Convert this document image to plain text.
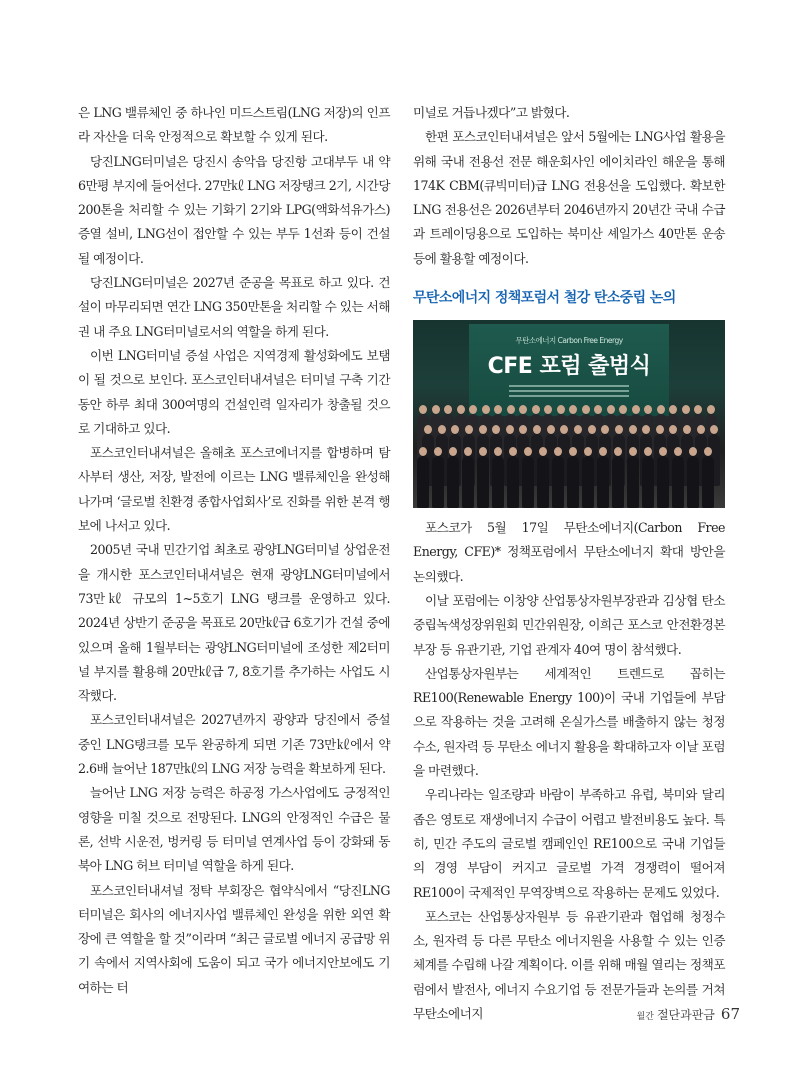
은 LNG 밸류체인 중 하나인 미드스트림(LNG 저장)의 인프라 자산을 더욱 안정적으로 확보할 수 있게 된다.

당진LNG터미널은 당진시 송악읍 당진항 고대부두 내 약 6만평 부지에 들어선다. 27만㎘ LNG 저장탱크 2기, 시간당 200톤을 처리할 수 있는 기화기 2기와 LPG(액화석유가스) 증열 설비, LNG선이 접안할 수 있는 부두 1선좌 등이 건설될 예정이다.

당진LNG터미널은 2027년 준공을 목표로 하고 있다. 건설이 마무리되면 연간 LNG 350만톤을 처리할 수 있는 서해권 내 주요 LNG터미널로서의 역할을 하게 된다.

이번 LNG터미널 증설 사업은 지역경제 활성화에도 보탬이 될 것으로 보인다. 포스코인터내셔널은 터미널 구축 기간 동안 하루 최대 300여명의 건설인력 일자리가 창출될 것으로 기대하고 있다.

포스코인터내셔널은 올해초 포스코에너지를 합병하며 탐사부터 생산, 저장, 발전에 이르는 LNG 밸류체인을 완성해 나가며 ‘글로벌 친환경 종합사업회사’로 진화를 위한 본격 행보에 나서고 있다.

2005년 국내 민간기업 최초로 광양LNG터미널 상업운전을 개시한 포스코인터내셔널은 현재 광양LNG터미널에서 73만㎘ 규모의 1~5호기 LNG 탱크를 운영하고 있다. 2024년 상반기 준공을 목표로 20만㎘급 6호기가 건설 중에 있으며 올해 1월부터는 광양LNG터미널에 조성한 제2터미널 부지를 활용해 20만㎘급 7, 8호기를 추가하는 사업도 시작했다.

포스코인터내셔널은 2027년까지 광양과 당진에서 증설 중인 LNG탱크를 모두 완공하게 되면 기존 73만㎘에서 약 2.6배 늘어난 187만㎘의 LNG 저장 능력을 확보하게 된다.

늘어난 LNG 저장 능력은 하공정 가스사업에도 긍정적인 영향을 미칠 것으로 전망된다. LNG의 안정적인 수급은 물론, 선박 시운전, 벙커링 등 터미널 연계사업 등이 강화돼 동북아 LNG 허브 터미널 역할을 하게 된다.

포스코인터내셔널 정탁 부회장은 협약식에서 “당진LNG터미널은 회사의 에너지사업 밸류체인 완성을 위한 외연 확장에 큰 역할을 할 것”이라며 “최근 글로벌 에너지 공급망 위기 속에서 지역사회에 도움이 되고 국가 에너지안보에도 기여하는 터

미널로 거듭나겠다”고 밝혔다.

한편 포스코인터내셔널은 앞서 5월에는 LNG사업 활용을 위해 국내 전용선 전문 해운회사인 에이치라인 해운을 통해 174K CBM(큐빅미터)급 LNG 전용선을 도입했다. 확보한 LNG 전용선은 2026년부터 2046년까지 20년간 국내 수급과 트레이딩용으로 도입하는 북미산 셰일가스 40만톤 운송 등에 활용할 예정이다.

무탄소에너지 정책포럼서 철강 탄소중립 논의
무탄소에너지 Carbon Free Energy
CFE 포럼 출범식

포스코가 5월 17일 무탄소에너지(Carbon Free Energy, CFE)* 정책포럼에서 무탄소에너지 확대 방안을 논의했다.

이날 포럼에는 이창양 산업통상자원부장관과 김상협 탄소중립녹색성장위원회 민간위원장, 이희근 포스코 안전환경본부장 등 유관기관, 기업 관계자 40여 명이 참석했다.

산업통상자원부는 세계적인 트렌드로 꼽히는 RE100(Renewable Energy 100)이 국내 기업들에 부담으로 작용하는 것을 고려해 온실가스를 배출하지 않는 청정수소, 원자력 등 무탄소 에너지 활용을 확대하고자 이날 포럼을 마련했다.

우리나라는 일조량과 바람이 부족하고 유럽, 북미와 달리 좁은 영토로 재생에너지 수급이 어렵고 발전비용도 높다. 특히, 민간 주도의 글로벌 캠페인인 RE100으로 국내 기업들의 경영 부담이 커지고 글로벌 가격 경쟁력이 떨어져 RE100이 국제적인 무역장벽으로 작용하는 문제도 있었다.

포스코는 산업통상자원부 등 유관기관과 협업해 청정수소, 원자력 등 다른 무탄소 에너지원을 사용할 수 있는 인증체계를 수립해 나갈 계획이다. 이를 위해 매월 열리는 정책포럼에서 발전사, 에너지 수요기업 등 전문가들과 논의를 거쳐 무탄소에너지	월간 절단과판금 67
